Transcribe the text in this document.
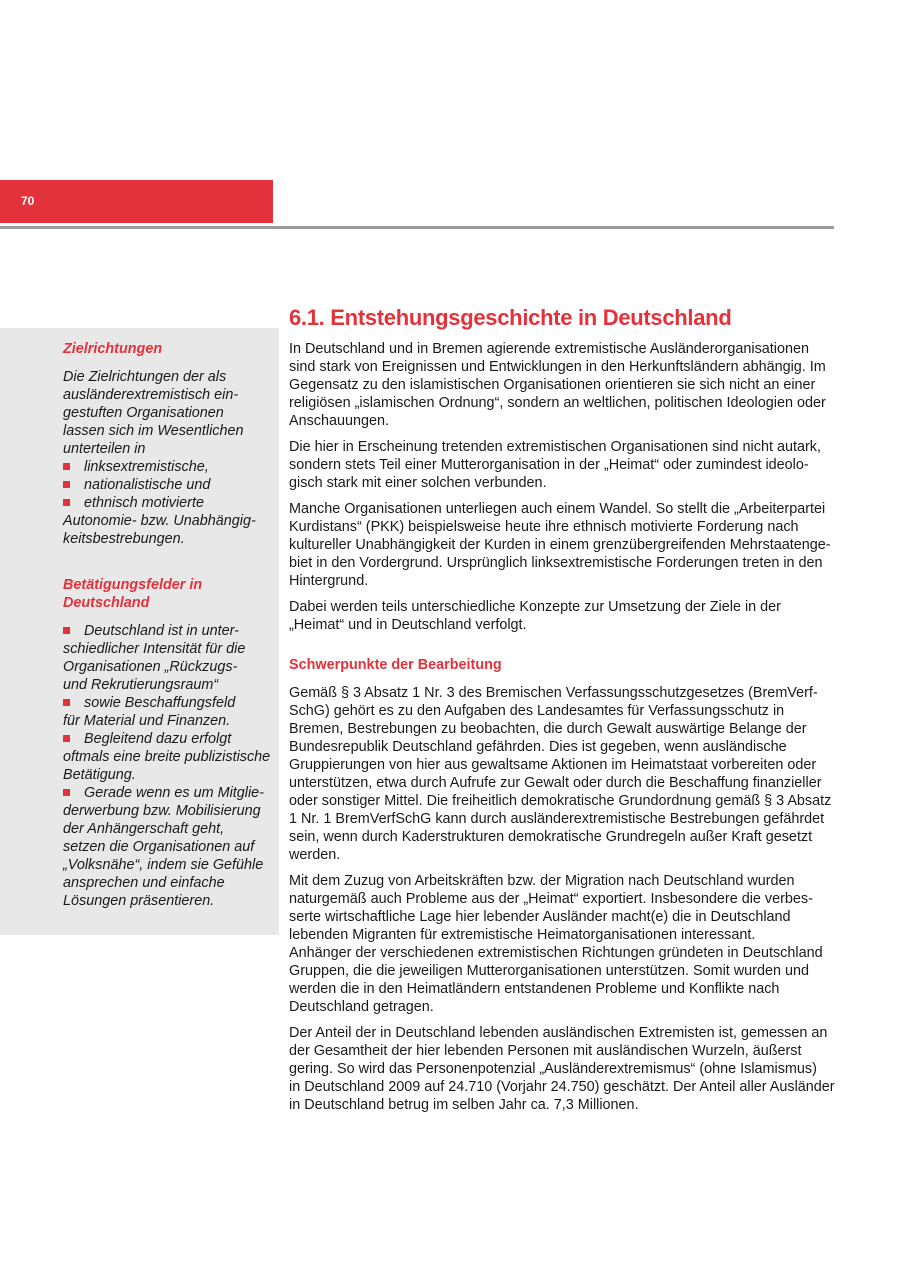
70

Zielrichtungen

Die Zielrichtungen der als
ausländerextremistisch ein-
gestuften Organisationen
lassen sich im Wesentlichen
unterteilen in

linksextremistische,
nationalistische und
ethnisch motivierte

Autonomie- bzw. Unabhängig-
keitsbestrebungen.

Betätigungsfelder in
Deutschland

Deutschland ist in unter-
schiedlicher Intensität für die
Organisationen „Rückzugs-
und Rekrutierungsraum“
sowie Beschaffungsfeld
für Material und Finanzen.
Begleitend dazu erfolgt
oftmals eine breite publizistische
Betätigung.
Gerade wenn es um Mitglie-
derwerbung bzw. Mobilisierung
der Anhängerschaft geht,
setzen die Organisationen auf
„Volksnähe“, indem sie Gefühle
ansprechen und einfache
Lösungen präsentieren.
6.1. Entstehungsgeschichte in Deutschland

In Deutschland und in Bremen agierende extremistische Ausländerorganisationen
sind stark von Ereignissen und Entwicklungen in den Herkunftsländern abhängig. Im
Gegensatz zu den islamistischen Organisationen orientieren sie sich nicht an einer
religiösen „islamischen Ordnung“, sondern an weltlichen, politischen Ideologien oder
Anschauungen.

Die hier in Erscheinung tretenden extremistischen Organisationen sind nicht autark,
sondern stets Teil einer Mutterorganisation in der „Heimat“ oder zumindest ideolo-
gisch stark mit einer solchen verbunden.

Manche Organisationen unterliegen auch einem Wandel. So stellt die „Arbeiterpartei
Kurdistans“ (PKK) beispielsweise heute ihre ethnisch motivierte Forderung nach
kultureller Unabhängigkeit der Kurden in einem grenzübergreifenden Mehrstaatenge-
biet in den Vordergrund. Ursprünglich linksextremistische Forderungen treten in den
Hintergrund.

Dabei werden teils unterschiedliche Konzepte zur Umsetzung der Ziele in der
„Heimat“ und in Deutschland verfolgt.

Schwerpunkte der Bearbeitung

Gemäß § 3 Absatz 1 Nr. 3 des Bremischen Verfassungsschutzgesetzes (BremVerf-
SchG) gehört es zu den Aufgaben des Landesamtes für Verfassungsschutz in
Bremen, Bestrebungen zu beobachten, die durch Gewalt auswärtige Belange der
Bundesrepublik Deutschland gefährden. Dies ist gegeben, wenn ausländische
Gruppierungen von hier aus gewaltsame Aktionen im Heimatstaat vorbereiten oder
unterstützen, etwa durch Aufrufe zur Gewalt oder durch die Beschaffung finanzieller
oder sonstiger Mittel. Die freiheitlich demokratische Grundordnung gemäß § 3 Absatz
1 Nr. 1 BremVerfSchG kann durch ausländerextremistische Bestrebungen gefährdet
sein, wenn durch Kaderstrukturen demokratische Grundregeln außer Kraft gesetzt
werden.

Mit dem Zuzug von Arbeitskräften bzw. der Migration nach Deutschland wurden
naturgemäß auch Probleme aus der „Heimat“ exportiert. Insbesondere die verbes-
serte wirtschaftliche Lage hier lebender Ausländer macht(e) die in Deutschland
lebenden Migranten für extremistische Heimatorganisationen interessant.
Anhänger der verschiedenen extremistischen Richtungen gründeten in Deutschland
Gruppen, die die jeweiligen Mutterorganisationen unterstützen. Somit wurden und
werden die in den Heimatländern entstandenen Probleme und Konflikte nach
Deutschland getragen.

Der Anteil der in Deutschland lebenden ausländischen Extremisten ist, gemessen an
der Gesamtheit der hier lebenden Personen mit ausländischen Wurzeln, äußerst
gering. So wird das Personenpotenzial „Ausländerextremismus“ (ohne Islamismus)
in Deutschland 2009 auf 24.710 (Vorjahr 24.750) geschätzt. Der Anteil aller Ausländer
in Deutschland betrug im selben Jahr ca. 7,3 Millionen.
